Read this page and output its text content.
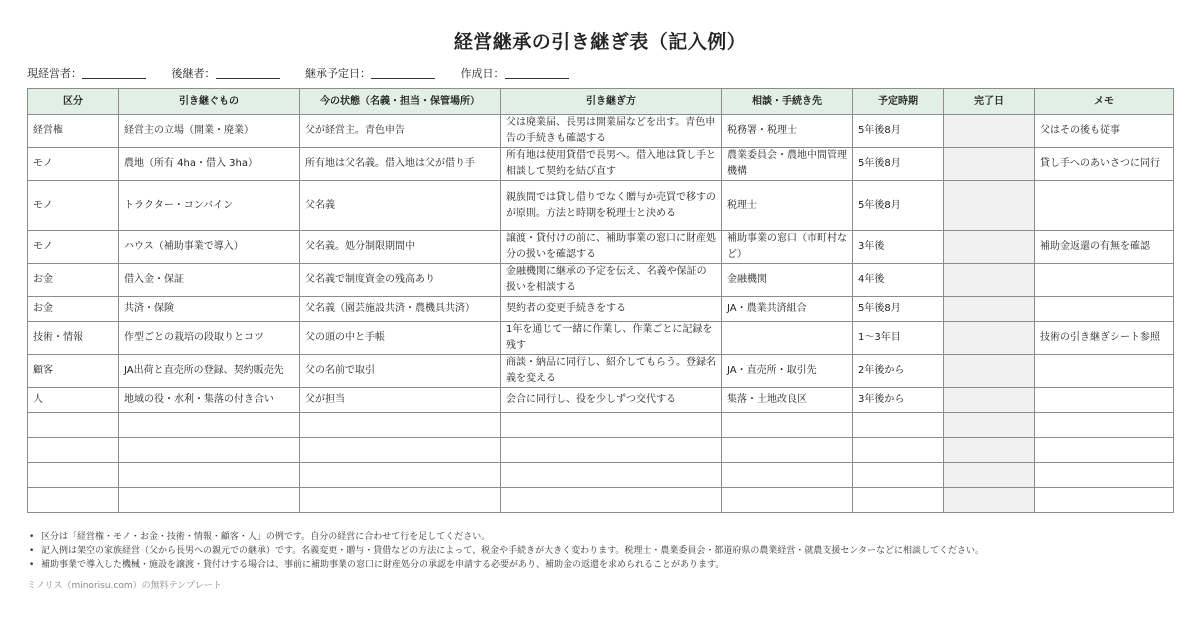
経営継承の引き継ぎ表（記入例）
現経営者：	後継者：	継承予定日：	作成日：
区分	引き継ぐもの	今の状態（名義・担当・保管場所）	引き継ぎ方	相談・手続き先	予定時期	完了日	メモ
経営権	経営主の立場（開業・廃業）	父が経営主。青色申告	父は廃業届、長男は開業届などを出す。青色申告の手続きも確認する	税務署・税理士	5年後8月		父はその後も従事
モノ	農地（所有 4ha・借入 3ha）	所有地は父名義。借入地は父が借り手	所有地は使用貸借で長男へ。借入地は貸し手と相談して契約を結び直す	農業委員会・農地中間管理機構	5年後8月		貸し手へのあいさつに同行
モノ	トラクター・コンバイン	父名義	親族間では貸し借りでなく贈与か売買で移すのが原則。方法と時期を税理士と決める	税理士	5年後8月		
モノ	ハウス（補助事業で導入）	父名義。処分制限期間中	譲渡・貸付けの前に、補助事業の窓口に財産処分の扱いを確認する	補助事業の窓口（市町村など）	3年後		補助金返還の有無を確認
お金	借入金・保証	父名義で制度資金の残高あり	金融機関に継承の予定を伝え、名義や保証の扱いを相談する	金融機関	4年後		
お金	共済・保険	父名義（園芸施設共済・農機具共済）	契約者の変更手続きをする	JA・農業共済組合	5年後8月		
技術・情報	作型ごとの栽培の段取りとコツ	父の頭の中と手帳	1年を通じて一緒に作業し、作業ごとに記録を残す		1〜3年目		技術の引き継ぎシート参照
顧客	JA出荷と直売所の登録、契約販売先	父の名前で取引	商談・納品に同行し、紹介してもらう。登録名義を変える	JA・直売所・取引先	2年後から		
人	地域の役・水利・集落の付き合い	父が担当	会合に同行し、役を少しずつ交代する	集落・土地改良区	3年後から		

• 区分は「経営権・モノ・お金・技術・情報・顧客・人」の例です。自分の経営に合わせて行を足してください。
• 記入例は架空の家族経営（父から長男への親元での継承）です。名義変更・贈与・貸借などの方法によって、税金や手続きが大きく変わります。税理士・農業委員会・都道府県の農業経営・就農支援センターなどに相談してください。
• 補助事業で導入した機械・施設を譲渡・貸付けする場合は、事前に補助事業の窓口に財産処分の承認を申請する必要があり、補助金の返還を求められることがあります。
ミノリス（minorisu.com）の無料テンプレート
